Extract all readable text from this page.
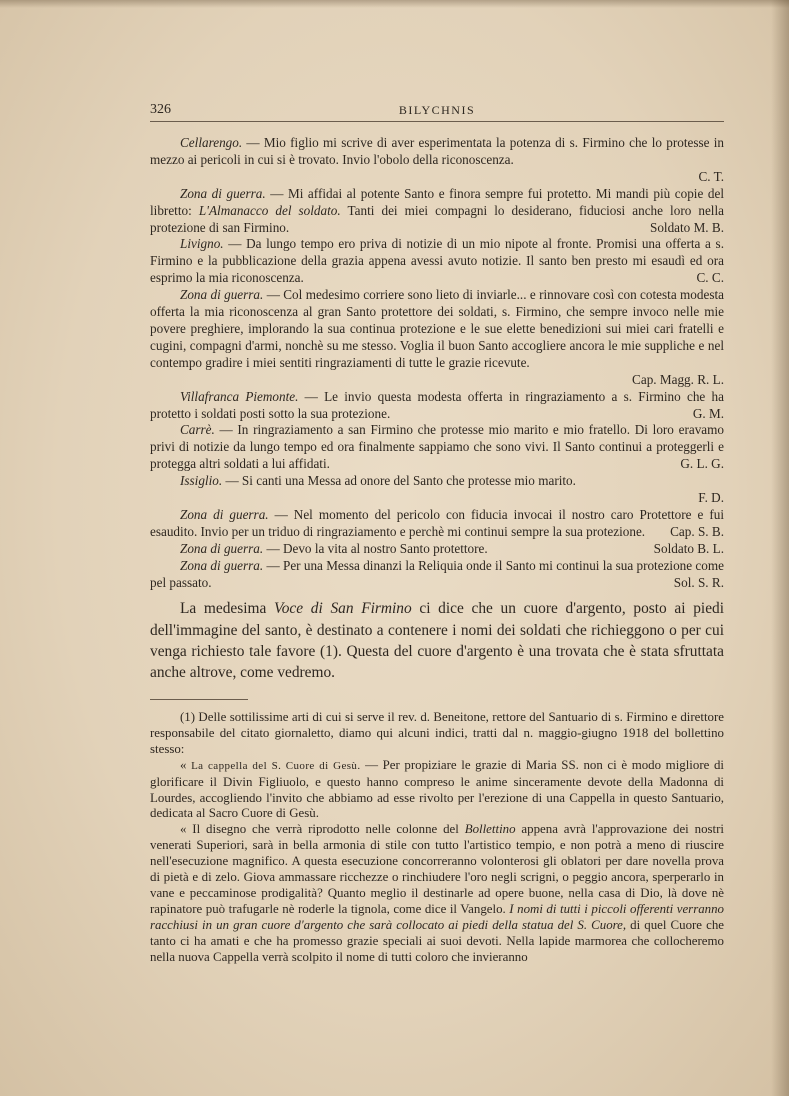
326	BILYCHNIS

Cellarengo. — Mio figlio mi scrive di aver esperimentata la potenza di s. Firmino che lo protesse in mezzo ai pericoli in cui si è trovato. Invio l'obolo della riconoscenza.

C. T.

Zona di guerra. — Mi affidai al potente Santo e finora sempre fui protetto. Mi mandi più copie del libretto: L'Almanacco del soldato. Tanti dei miei compagni lo desiderano, fiduciosi anche loro nella protezione di san Firmino.	Soldato M. B.

Livigno. — Da lungo tempo ero priva di notizie di un mio nipote al fronte. Promisi una offerta a s. Firmino e la pubblicazione della grazia appena avessi avuto notizie. Il santo ben presto mi esaudì ed ora esprimo la mia riconoscenza.	C. C.

Zona di guerra. — Col medesimo corriere sono lieto di inviarle... e rinnovare così con cotesta modesta offerta la mia riconoscenza al gran Santo protettore dei soldati, s. Firmino, che sempre invoco nelle mie povere preghiere, implorando la sua continua protezione e le sue elette benedizioni sui miei cari fratelli e cugini, compagni d'armi, nonchè su me stesso. Voglia il buon Santo accogliere ancora le mie suppliche e nel contempo gradire i miei sentiti ringraziamenti di tutte le grazie ricevute.

Cap. Magg. R. L.

Villafranca Piemonte. — Le invio questa modesta offerta in ringraziamento a s. Firmino che ha protetto i soldati posti sotto la sua protezione.	G. M.

Carrè. — In ringraziamento a san Firmino che protesse mio marito e mio fratello. Di loro eravamo privi di notizie da lungo tempo ed ora finalmente sappiamo che sono vivi. Il Santo continui a proteggerli e protegga altri soldati a lui affidati.	G. L. G.

Issiglio. — Si canti una Messa ad onore del Santo che protesse mio marito.

F. D.

Zona di guerra. — Nel momento del pericolo con fiducia invocai il nostro caro Protettore e fui esaudito. Invio per un triduo di ringraziamento e perchè mi continui sempre la sua protezione.	Cap. S. B.

Zona di guerra. — Devo la vita al nostro Santo protettore.	Soldato B. L.

Zona di guerra. — Per una Messa dinanzi la Reliquia onde il Santo mi continui la sua protezione come pel passato.	Sol. S. R.

La medesima Voce di San Firmino ci dice che un cuore d'argento, posto ai piedi dell'immagine del santo, è destinato a contenere i nomi dei soldati che richieggono o per cui venga richiesto tale favore (1). Questa del cuore d'argento è una trovata che è stata sfruttata anche altrove, come vedremo.

(1) Delle sottilissime arti di cui si serve il rev. d. Beneitone, rettore del Santuario di s. Firmino e direttore responsabile del citato giornaletto, diamo qui alcuni indici, tratti dal n. maggio-giugno 1918 del bollettino stesso:

« La cappella del S. Cuore di Gesù. — Per propiziare le grazie di Maria SS. non ci è modo migliore di glorificare il Divin Figliuolo, e questo hanno compreso le anime sinceramente devote della Madonna di Lourdes, accogliendo l'invito che abbiamo ad esse rivolto per l'erezione di una Cappella in questo Santuario, dedicata al Sacro Cuore di Gesù.

« Il disegno che verrà riprodotto nelle colonne del Bollettino appena avrà l'approvazione dei nostri venerati Superiori, sarà in bella armonia di stile con tutto l'artistico tempio, e non potrà a meno di riuscire nell'esecuzione magnifico. A questa esecuzione concorreranno volonterosi gli oblatori per dare novella prova di pietà e di zelo. Giova ammassare ricchezze o rinchiudere l'oro negli scrigni, o peggio ancora, sperperarlo in vane e peccaminose prodigalità? Quanto meglio il destinarle ad opere buone, nella casa di Dio, là dove nè rapinatore può trafugarle nè roderle la tignola, come dice il Vangelo. I nomi di tutti i piccoli offerenti verranno racchiusi in un gran cuore d'argento che sarà collocato ai piedi della statua del S. Cuore, di quel Cuore che tanto ci ha amati e che ha promesso grazie speciali ai suoi devoti. Nella lapide marmorea che collocheremo nella nuova Cappella verrà scolpito il nome di tutti coloro che invieranno
